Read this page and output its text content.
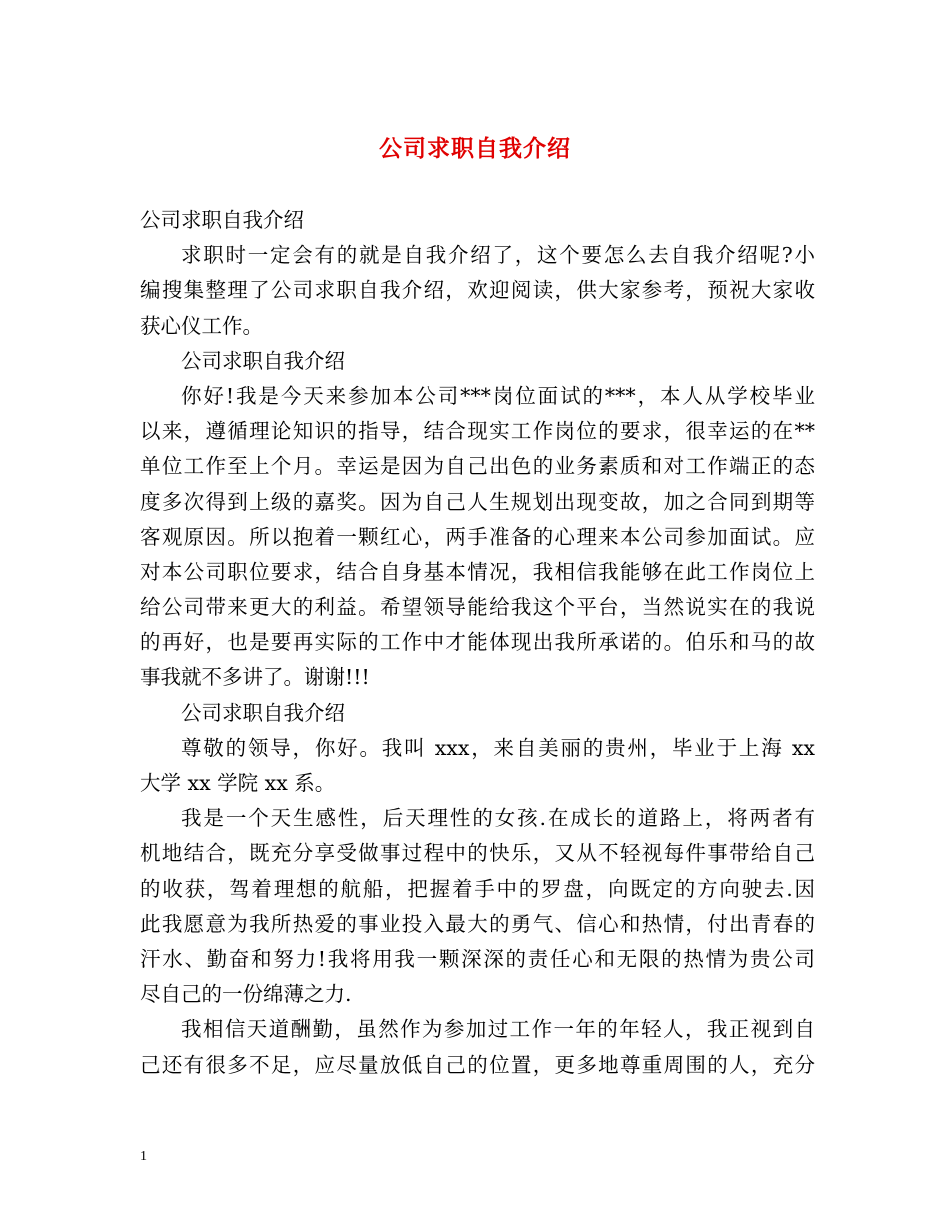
公司求职自我介绍
公司求职自我介绍
求职时一定会有的就是自我介绍了，这个要怎么去自我介绍呢?小
编搜集整理了公司求职自我介绍，欢迎阅读，供大家参考，预祝大家收
获心仪工作。
公司求职自我介绍
你好!我是今天来参加本公司***岗位面试的***，本人从学校毕业
以来，遵循理论知识的指导，结合现实工作岗位的要求，很幸运的在**
单位工作至上个月。幸运是因为自己出色的业务素质和对工作端正的态
度多次得到上级的嘉奖。因为自己人生规划出现变故，加之合同到期等
客观原因。所以抱着一颗红心，两手准备的心理来本公司参加面试。应
对本公司职位要求，结合自身基本情况，我相信我能够在此工作岗位上
给公司带来更大的利益。希望领导能给我这个平台，当然说实在的我说
的再好，也是要再实际的工作中才能体现出我所承诺的。伯乐和马的故
事我就不多讲了。谢谢!!!
公司求职自我介绍
尊敬的领导，你好。我叫 xxx，来自美丽的贵州，毕业于上海 xx
大学 xx 学院 xx 系。
我是一个天生感性，后天理性的女孩.在成长的道路上，将两者有
机地结合，既充分享受做事过程中的快乐，又从不轻视每件事带给自己
的收获，驾着理想的航船，把握着手中的罗盘，向既定的方向驶去.因
此我愿意为我所热爱的事业投入最大的勇气、信心和热情，付出青春的
汗水、勤奋和努力!我将用我一颗深深的责任心和无限的热情为贵公司
尽自己的一份绵薄之力.
我相信天道酬勤，虽然作为参加过工作一年的年轻人，我正视到自
己还有很多不足，应尽量放低自己的位置，更多地尊重周围的人，充分
1
